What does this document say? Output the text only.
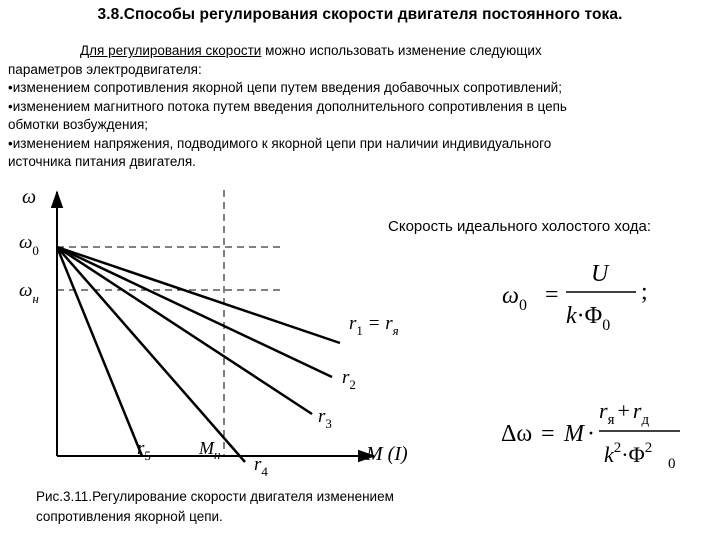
3.8.Способы регулирования скорости двигателя постоянного тока.
Для регулирования скорости можно использовать изменение следующих
параметров электродвигателя:
•изменением сопротивления якорной цепи путем введения добавочных сопротивлений;
•изменением магнитного потока путем введения дополнительного сопротивления в цепь
обмотки возбуждения;
•изменением напряжения, подводимого к якорной цепи при наличии индивидуального
источника питания двигателя.
ω
M (I)
$\omega_0$
$\omega_н$
$M_н$
$r_1 = r_я$
$r_2$
$r_3$
$r_4$
$r_5$
$\omega_0$ =
U
$k\cdot\Phi_0$
;
Δω = M ·
$r_я + r_д$
$k^2\cdot\Phi^2$
0
Скорость идеального холостого хода:
Рис.3.11.Регулирование скорости двигателя изменением
сопротивления якорной цепи.
